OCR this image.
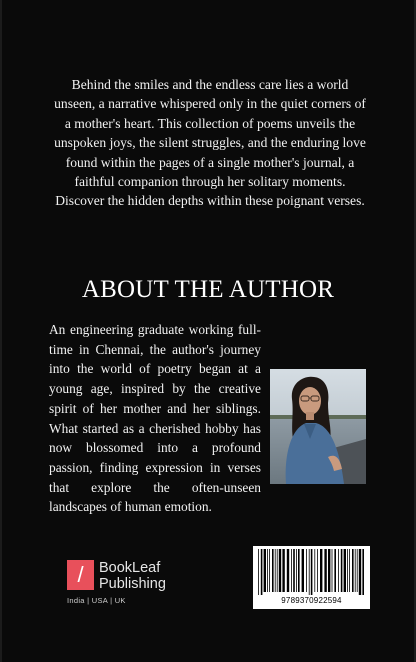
Behind the smiles and the endless care lies a world unseen, a narrative whispered only in the quiet corners of a mother's heart. This collection of poems unveils the unspoken joys, the silent struggles, and the enduring love found within the pages of a single mother's journal, a faithful companion through her solitary moments. Discover the hidden depths within these poignant verses.
ABOUT THE AUTHOR
An engineering graduate working full-time in Chennai, the author's journey into the world of poetry began at a young age, inspired by the creative spirit of her mother and her siblings. What started as a cherished hobby has now blossomed into a profound passion, finding expression in verses that explore the often-unseen landscapes of human emotion.
/	BookLeaf
Publishing
India | USA | UK	9789370922594
